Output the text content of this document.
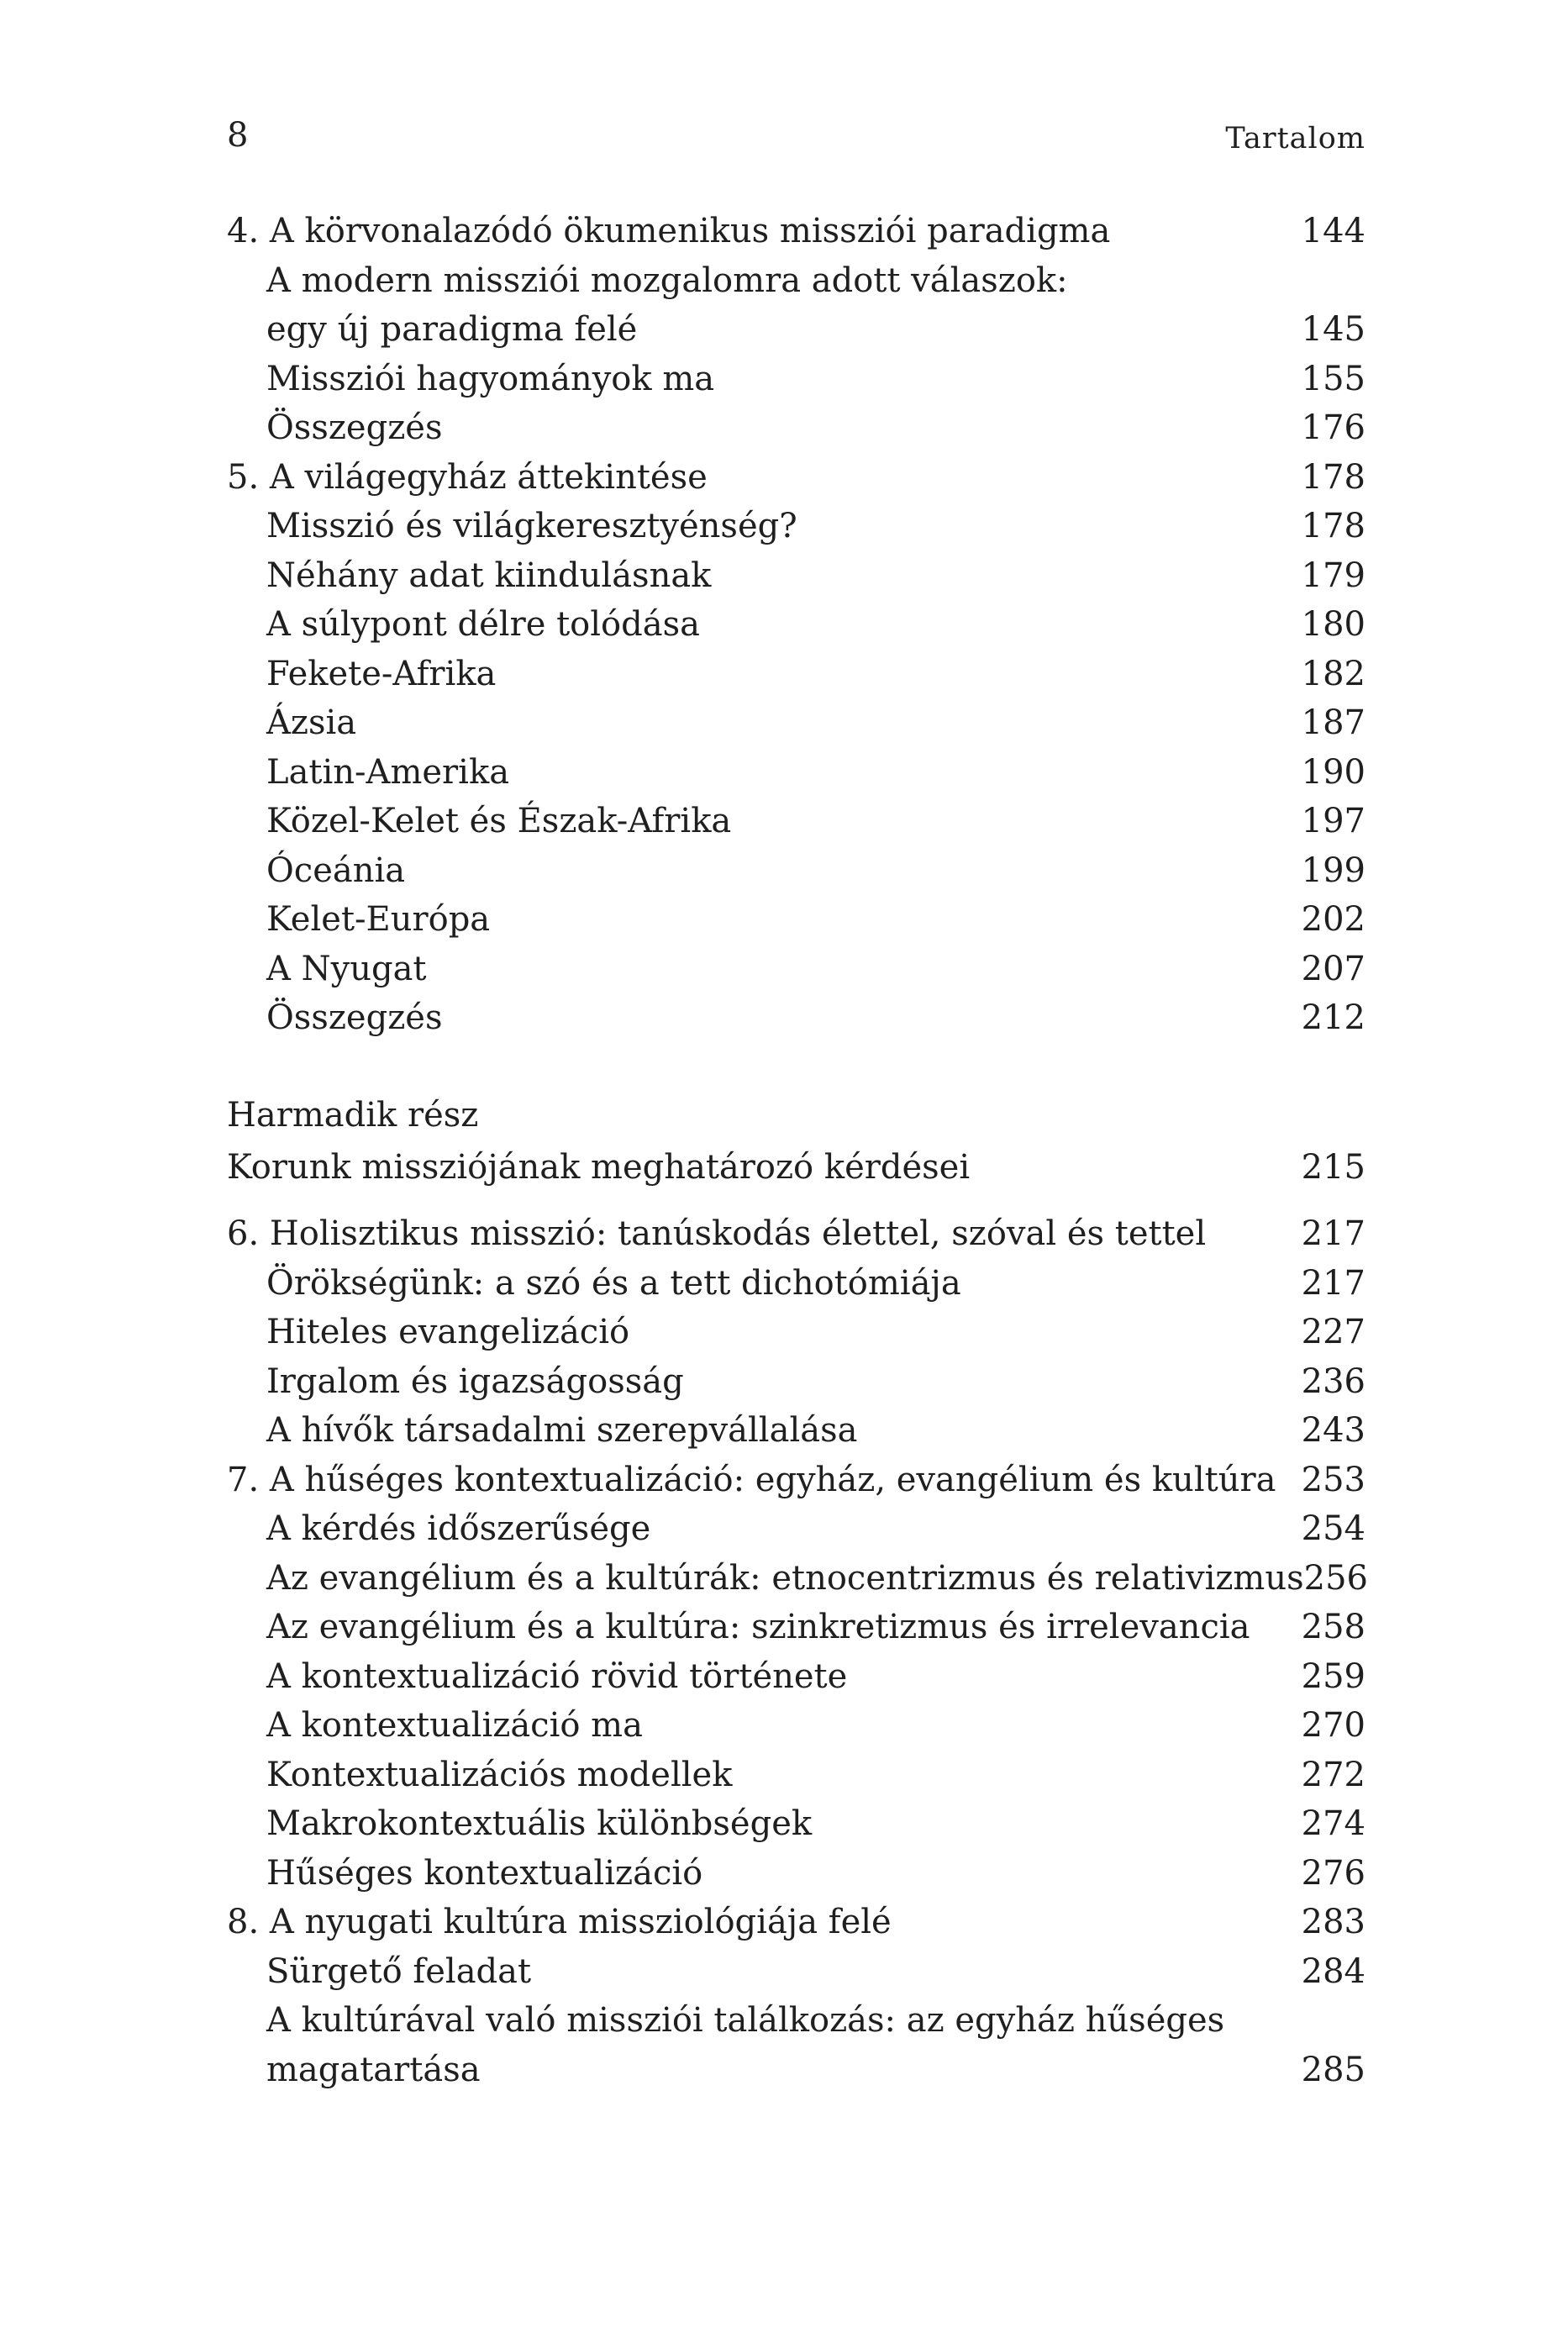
8	Tartalom
4. A körvonalazódó ökumenikus missziói paradigma	144
A modern missziói mozgalomra adott válaszok:
egy új paradigma felé	145
Missziói hagyományok ma	155
Összegzés	176
5. A világegyház áttekintése	178
Misszió és világkeresztyénség?	178
Néhány adat kiindulásnak	179
A súlypont délre tolódása	180
Fekete-Afrika	182
Ázsia	187
Latin-Amerika	190
Közel-Kelet és Észak-Afrika	197
Óceánia	199
Kelet-Európa	202
A Nyugat	207
Összegzés	212
Harmadik rész
Korunk missziójának meghatározó kérdései	215
6. Holisztikus misszió: tanúskodás élettel, szóval és tettel	217
Örökségünk: a szó és a tett dichotómiája	217
Hiteles evangelizáció	227
Irgalom és igazságosság	236
A hívők társadalmi szerepvállalása	243
7. A hűséges kontextualizáció: egyház, evangélium és kultúra 253
A kérdés időszerűsége	254
Az evangélium és a kultúrák: etnocentrizmus és relativizmus 256
Az evangélium és a kultúra: szinkretizmus és irrelevancia	258
A kontextualizáció rövid története	259
A kontextualizáció ma	270
Kontextualizációs modellek	272
Makrokontextuális különbségek	274
Hűséges kontextualizáció	276
8. A nyugati kultúra missziológiája felé	283
Sürgető feladat	284
A kultúrával való missziói találkozás: az egyház hűséges
magatartása	285
